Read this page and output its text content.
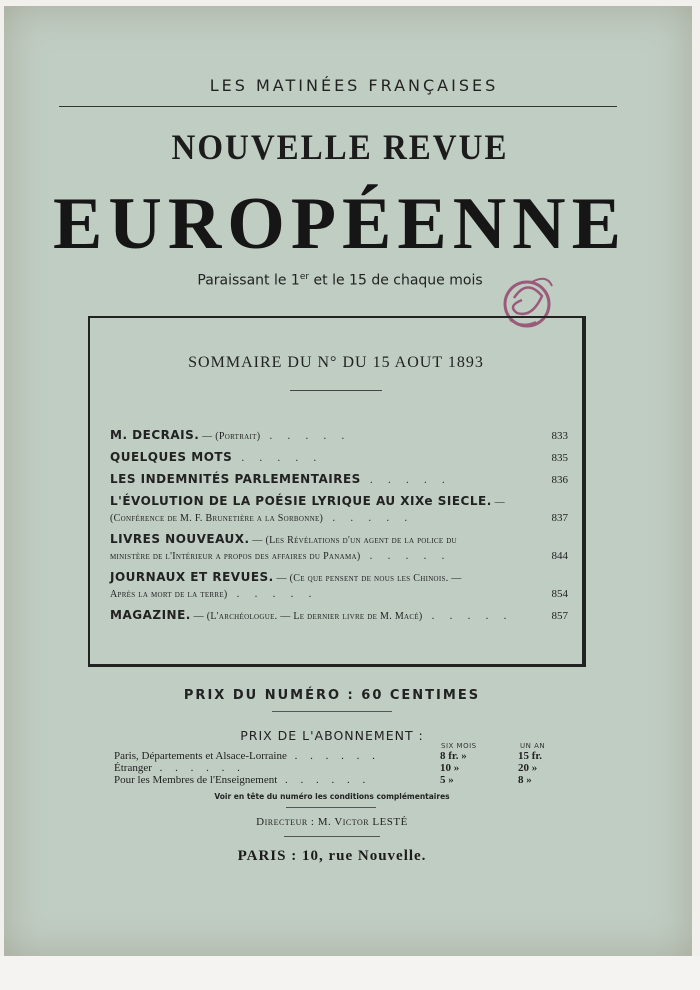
LES MATINÉES FRANÇAISES
NOUVELLE REVUE
EUROPÉENNE
Paraissant le 1er et le 15 de chaque mois
SOMMAIRE DU N° DU 15 AOUT 1893
M. DECRAIS. — (Portrait) . . . . .	833
QUELQUES MOTS . . . . .	835
LES INDEMNITÉS PARLEMENTAIRES . . . . .	836
L'ÉVOLUTION DE LA POÉSIE LYRIQUE AU XIXe SIECLE. —
(Conférence de M. F. Brunetière a la Sorbonne) . . . . .	837
LIVRES NOUVEAUX. — (Les Révélations d'un agent de la police du
ministère de l'Intérieur a propos des affaires du Panama) . . . . .	844
JOURNAUX ET REVUES. — (Ce que pensent de nous les Chinois. —
Après la mort de la terre) . . . . .	854
MAGAZINE. — (L'archéologue. — Le dernier livre de M. Macé) . . . . .	857
PRIX DU NUMÉRO : 60 CENTIMES
PRIX DE L'ABONNEMENT :
SIX MOIS	UN AN
Paris, Départements et Alsace-Lorraine . . . . . .	8 fr. »	15 fr.
Étranger . . . . . .	10 »	20 »
Pour les Membres de l'Enseignement . . . . . .	5 »	8 »
Voir en tête du numéro les conditions complémentaires
Directeur : M. Victor LESTÉ
PARIS : 10, rue Nouvelle.
